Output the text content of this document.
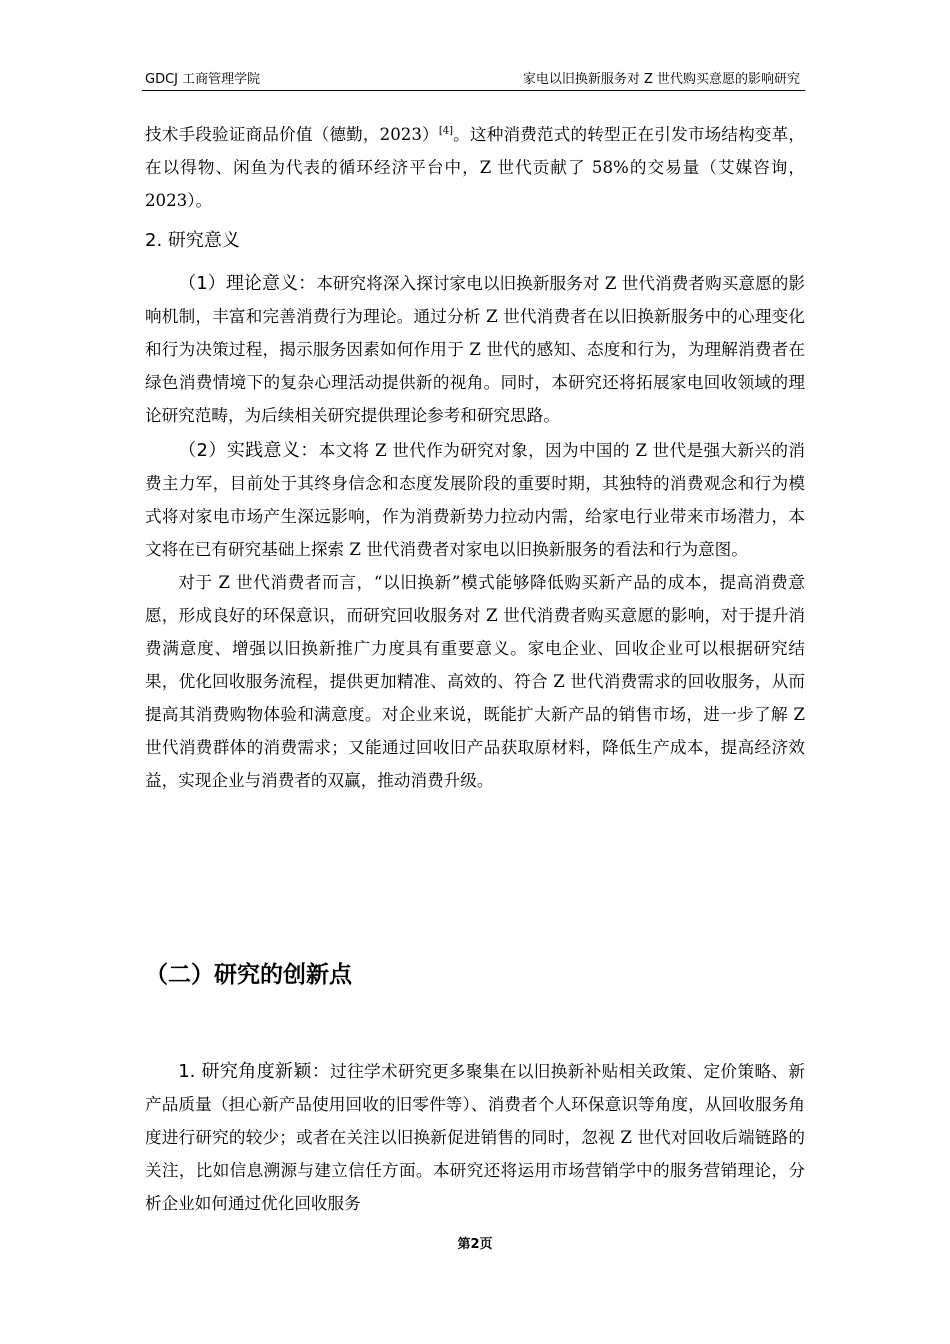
GDCJ 工商管理学院	家电以旧换新服务对 Z 世代购买意愿的影响研究

技术手段验证商品价值（德勤，2023）[4]。这种消费范式的转型正在引发市场结构变革，在以得物、闲鱼为代表的循环经济平台中，Z 世代贡献了 58%的交易量（艾媒咨询，2023）。

2. 研究意义

（1）理论意义：本研究将深入探讨家电以旧换新服务对 Z 世代消费者购买意愿的影响机制，丰富和完善消费行为理论。通过分析 Z 世代消费者在以旧换新服务中的心理变化和行为决策过程，揭示服务因素如何作用于 Z 世代的感知、态度和行为，为理解消费者在绿色消费情境下的复杂心理活动提供新的视角。同时，本研究还将拓展家电回收领域的理论研究范畴，为后续相关研究提供理论参考和研究思路。

（2）实践意义：本文将 Z 世代作为研究对象，因为中国的 Z 世代是强大新兴的消费主力军，目前处于其终身信念和态度发展阶段的重要时期，其独特的消费观念和行为模式将对家电市场产生深远影响，作为消费新势力拉动内需，给家电行业带来市场潜力，本文将在已有研究基础上探索 Z 世代消费者对家电以旧换新服务的看法和行为意图。

对于 Z 世代消费者而言，“以旧换新”模式能够降低购买新产品的成本，提高消费意愿，形成良好的环保意识，而研究回收服务对 Z 世代消费者购买意愿的影响，对于提升消费满意度、增强以旧换新推广力度具有重要意义。家电企业、回收企业可以根据研究结果，优化回收服务流程，提供更加精准、高效的、符合 Z 世代消费需求的回收服务，从而提高其消费购物体验和满意度。对企业来说，既能扩大新产品的销售市场，进一步了解 Z 世代消费群体的消费需求；又能通过回收旧产品获取原材料，降低生产成本，提高经济效益，实现企业与消费者的双赢，推动消费升级。

（二）研究的创新点

1. 研究角度新颖：过往学术研究更多聚集在以旧换新补贴相关政策、定价策略、新产品质量（担心新产品使用回收的旧零件等）、消费者个人环保意识等角度，从回收服务角度进行研究的较少；或者在关注以旧换新促进销售的同时，忽视 Z 世代对回收后端链路的关注，比如信息溯源与建立信任方面。本研究还将运用市场营销学中的服务营销理论，分析企业如何通过优化回收服务

第2页
